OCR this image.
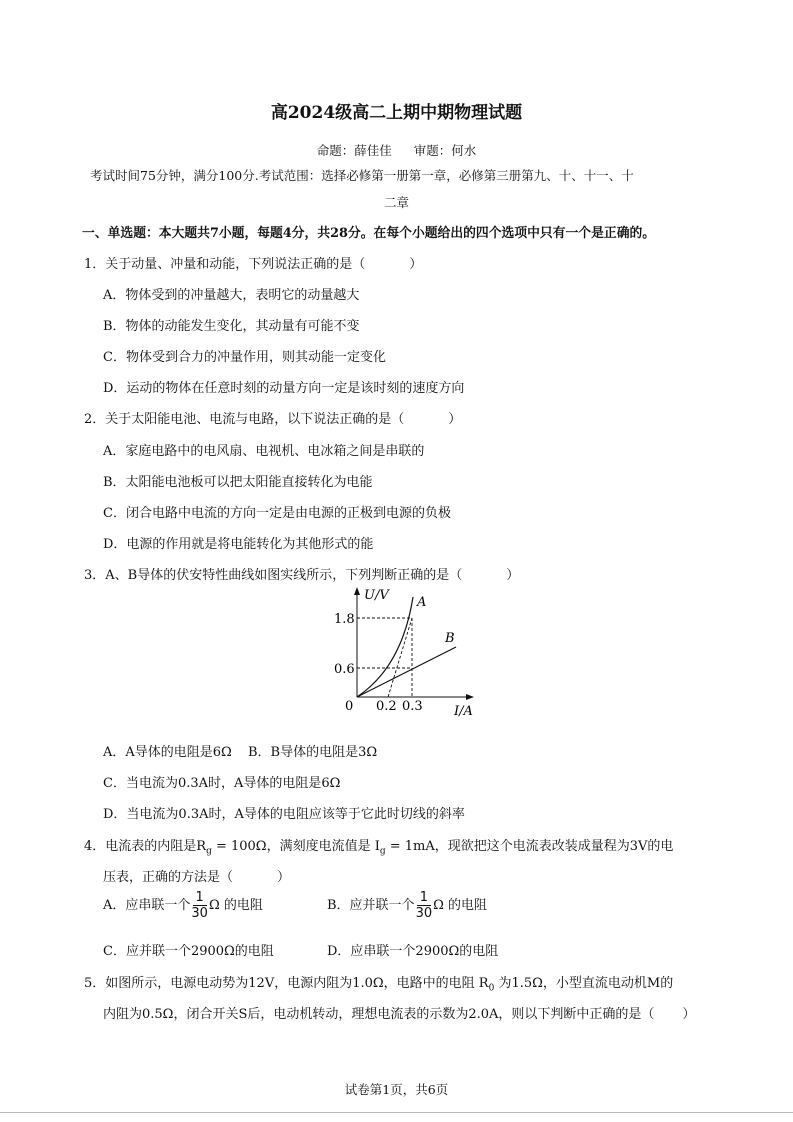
高2024级高二上期中期物理试题
命题：薛佳佳 审题：何水
考试时间75分钟，满分100分.考试范围：选择必修第一册第一章，必修第三册第九、十、十一、十
二章
一、单选题：本大题共7小题，每题4分，共28分。在每个小题给出的四个选项中只有一个是正确的。
1．关于动量、冲量和动能，下列说法正确的是（	）
A．物体受到的冲量越大，表明它的动量越大
B．物体的动能发生变化，其动量有可能不变
C．物体受到合力的冲量作用，则其动能一定变化
D．运动的物体在任意时刻的动量方向一定是该时刻的速度方向
2．关于太阳能电池、电流与电路，以下说法正确的是（	）
A．家庭电路中的电风扇、电视机、电冰箱之间是串联的
B．太阳能电池板可以把太阳能直接转化为电能
C．闭合电路中电流的方向一定是由电源的正极到电源的负极
D．电源的作用就是将电能转化为其他形式的能
3．A、B导体的伏安特性曲线如图实线所示，下列判断正确的是（	）
U/V
I/A
0
1.8
0.6
0.2 0.3
A
B
A．A导体的电阻是6Ω B．B导体的电阻是3Ω
C．当电流为0.3A时，A导体的电阻是6Ω
D．当电流为0.3A时，A导体的电阻应该等于它此时切线的斜率
4．电流表的内阻是$R_g = 100\Omega$，满刻度电流值是 $I_g = 1mA$，现欲把这个电流表改装成量程为3V的电
压表，正确的方法是（	）
A．应串联一个 $\frac{1}{30}$ Ω 的电阻	B．应并联一个 $\frac{1}{30}$ Ω 的电阻
C．应并联一个2900Ω的电阻	D．应串联一个2900Ω的电阻
5．如图所示，电源电动势为12V，电源内阻为1.0Ω，电路中的电阻 $R_0$ 为1.5Ω，小型直流电动机M的
内阻为0.5Ω，闭合开关S后，电动机转动，理想电流表的示数为2.0A，则以下判断中正确的是（ ）
试卷第1页，共6页
